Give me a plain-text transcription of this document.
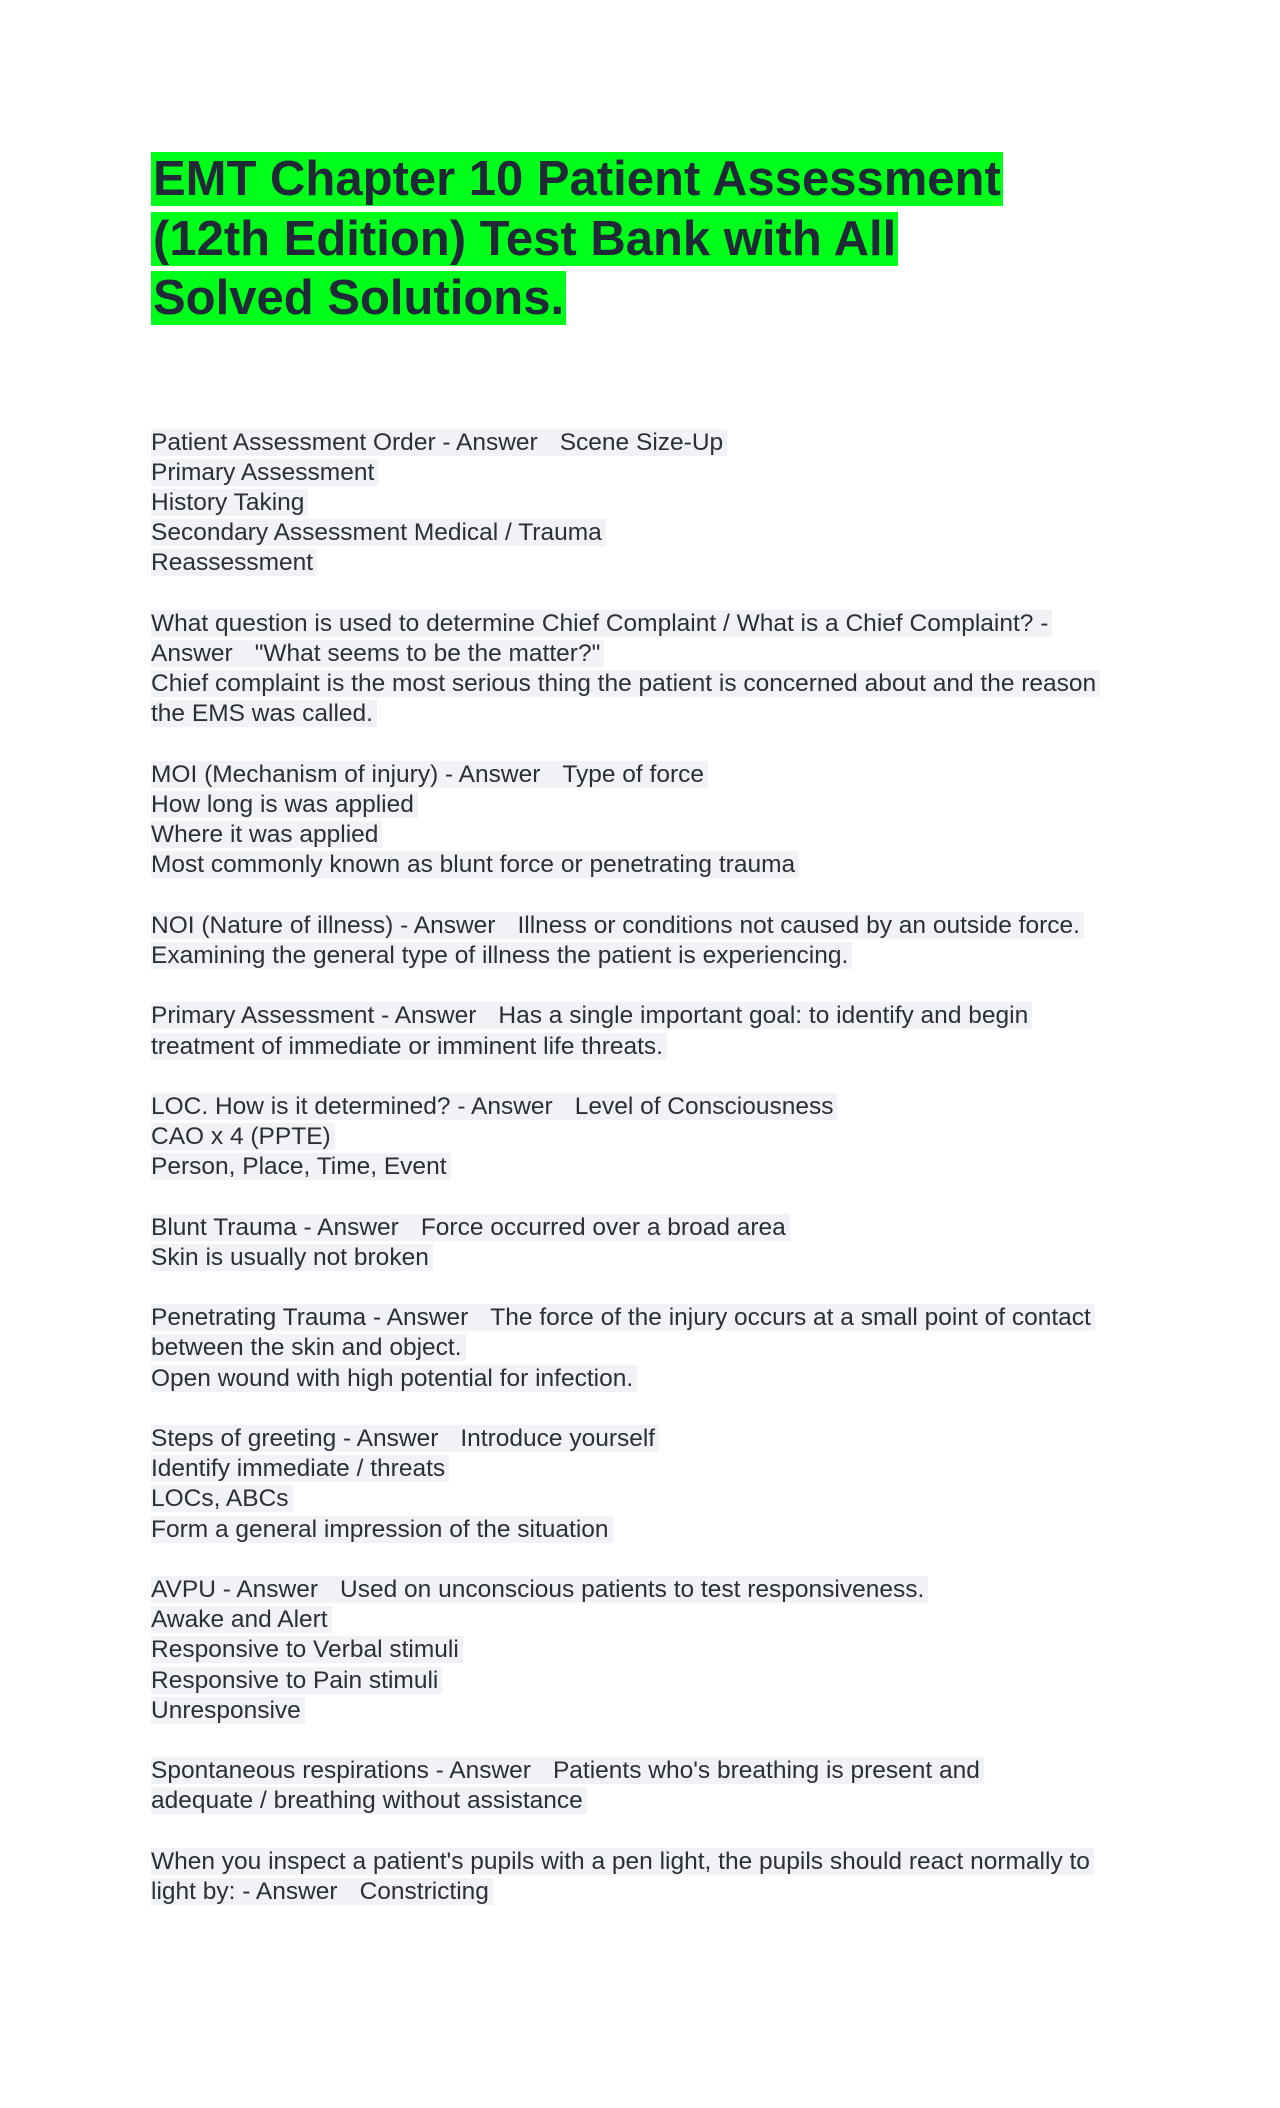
EMT Chapter 10 Patient Assessment
(12th Edition) Test Bank with All
Solved Solutions.
Patient Assessment Order - Answer Scene Size-Up
Primary Assessment
History Taking
Secondary Assessment Medical / Trauma
Reassessment
What question is used to determine Chief Complaint / What is a Chief Complaint? -
Answer "What seems to be the matter?"
Chief complaint is the most serious thing the patient is concerned about and the reason
the EMS was called.
MOI (Mechanism of injury) - Answer Type of force
How long is was applied
Where it was applied
Most commonly known as blunt force or penetrating trauma
NOI (Nature of illness) - Answer Illness or conditions not caused by an outside force.
Examining the general type of illness the patient is experiencing.
Primary Assessment - Answer Has a single important goal: to identify and begin
treatment of immediate or imminent life threats.
LOC. How is it determined? - Answer Level of Consciousness
CAO x 4 (PPTE)
Person, Place, Time, Event
Blunt Trauma - Answer Force occurred over a broad area
Skin is usually not broken
Penetrating Trauma - Answer The force of the injury occurs at a small point of contact
between the skin and object.
Open wound with high potential for infection.
Steps of greeting - Answer Introduce yourself
Identify immediate / threats
LOCs, ABCs
Form a general impression of the situation
AVPU - Answer Used on unconscious patients to test responsiveness.
Awake and Alert
Responsive to Verbal stimuli
Responsive to Pain stimuli
Unresponsive
Spontaneous respirations - Answer Patients who's breathing is present and
adequate / breathing without assistance
When you inspect a patient's pupils with a pen light, the pupils should react normally to
light by: - Answer Constricting
